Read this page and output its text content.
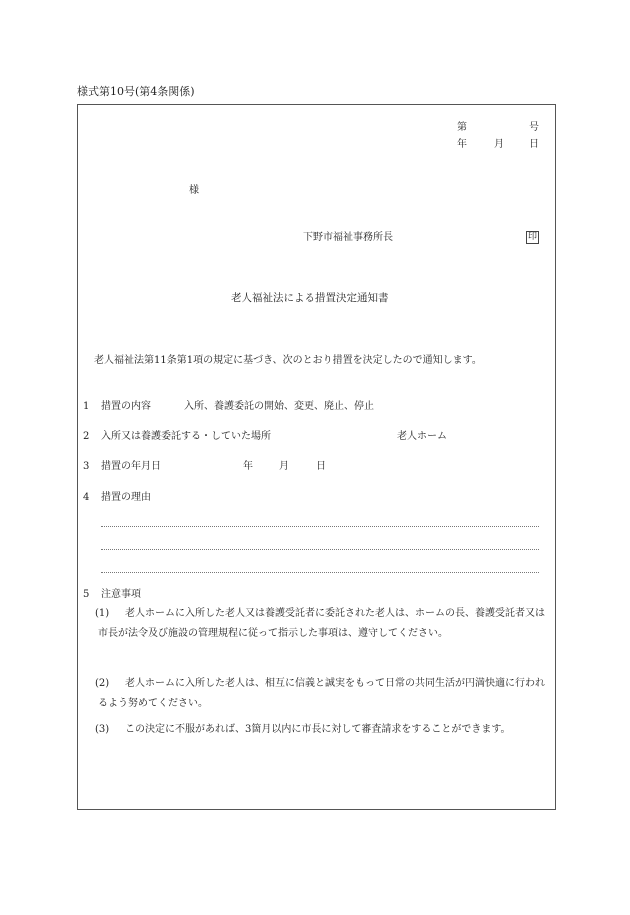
様式第10号(第4条関係)
第	号
年	月	日
様
下野市福祉事務所長	印
老人福祉法による措置決定通知書
老人福祉法第11条第1項の規定に基づき、次のとおり措置を決定したので通知します。
1 措置の内容	入所、養護委託の開始、変更、廃止、停止
2 入所又は養護委託する・していた場所	老人ホーム
3 措置の年月日	年	月	日
4 措置の理由
5 注意事項
(1)	老人ホームに入所した老人又は養護受託者に委託された老人は、ホームの長、養護受託者又は市長が法令及び施設の管理規程に従って指示した事項は、遵守してください。
(2)	老人ホームに入所した老人は、相互に信義と誠実をもって日常の共同生活が円満快適に行われるよう努めてください。
(3)	この決定に不服があれば、3箇月以内に市長に対して審査請求をすることができます。
